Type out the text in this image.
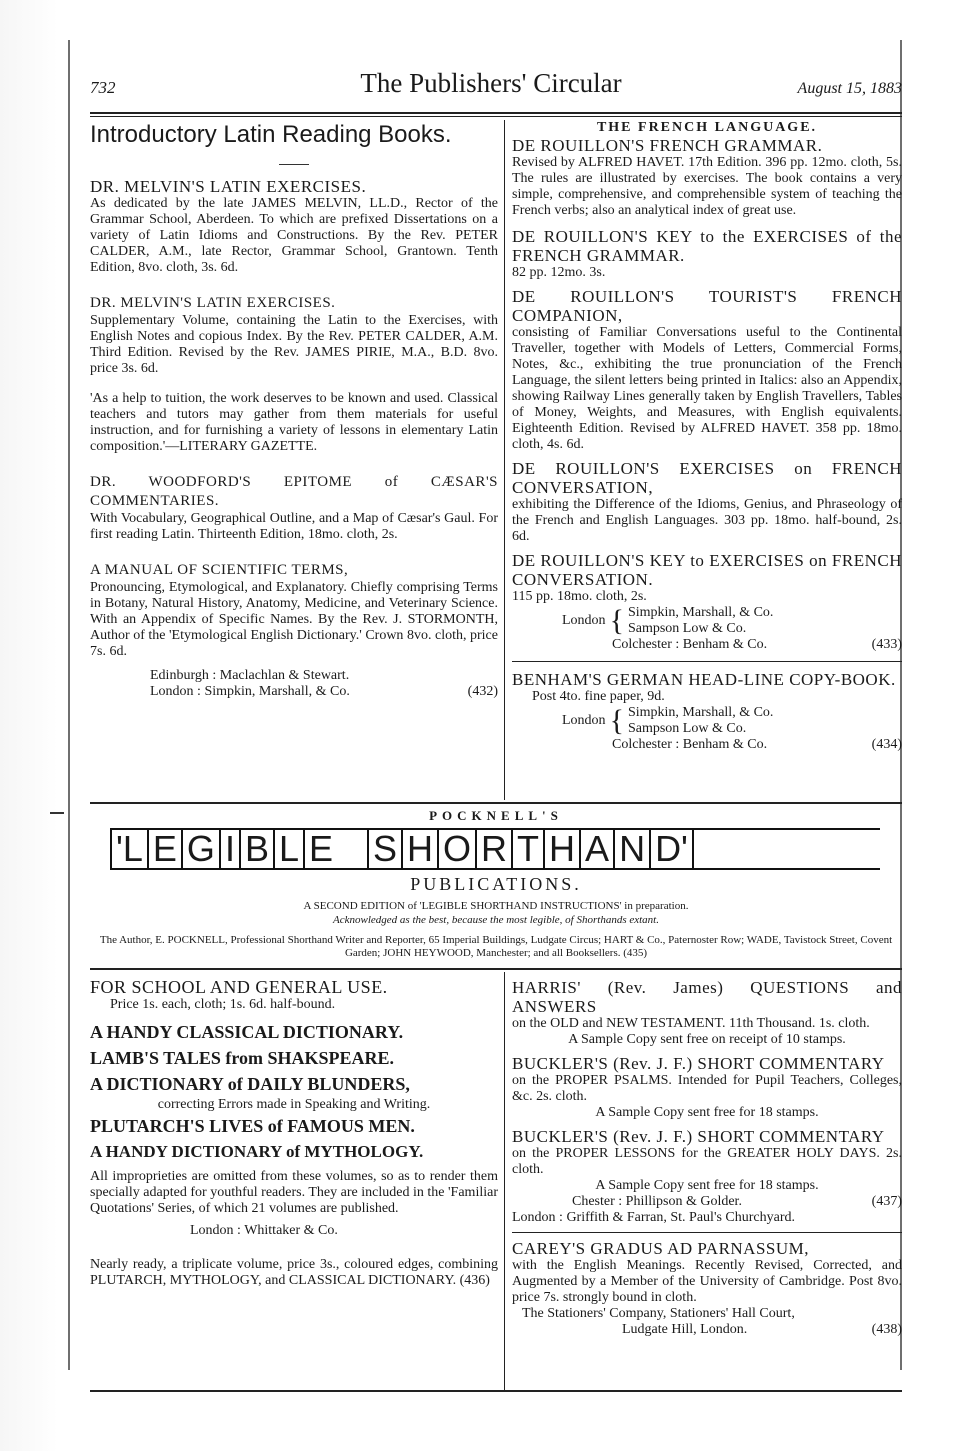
732	The Publishers' Circular	August 15, 1883
Introductory Latin Reading Books.
DR. MELVIN'S LATIN EXERCISES.
As dedicated by the late JAMES MELVIN, LL.D., Rector of the Grammar School, Aberdeen. To which are prefixed Dissertations on a variety of Latin Idioms and Constructions. By the Rev. PETER CALDER, A.M., late Rector, Grammar School, Grantown. Tenth Edition, 8vo. cloth, 3s. 6d.
DR. MELVIN'S LATIN EXERCISES.
Supplementary Volume, containing the Latin to the Exercises, with English Notes and copious Index. By the Rev. PETER CALDER, A.M. Third Edition. Revised by the Rev. JAMES PIRIE, M.A., B.D. 8vo. price 3s. 6d.
'As a help to tuition, the work deserves to be known and used. Classical teachers and tutors may gather from them materials for useful instruction, and for furnishing a variety of lessons in elementary Latin composition.'—LITERARY GAZETTE.
DR. WOODFORD'S EPITOME of CÆSAR'S COMMENTARIES.
With Vocabulary, Geographical Outline, and a Map of Cæsar's Gaul. For first reading Latin. Thirteenth Edition, 18mo. cloth, 2s.
A MANUAL OF SCIENTIFIC TERMS,
Pronouncing, Etymological, and Explanatory. Chiefly comprising Terms in Botany, Natural History, Anatomy, Medicine, and Veterinary Science. With an Appendix of Specific Names. By the Rev. J. STORMONTH, Author of the 'Etymological English Dictionary.' Crown 8vo. cloth, price 7s. 6d.
Edinburgh : Maclachlan & Stewart.
London : Simpkin, Marshall, & Co.	(432)
THE FRENCH LANGUAGE.
DE ROUILLON'S FRENCH GRAMMAR.
Revised by ALFRED HAVET. 17th Edition. 396 pp. 12mo. cloth, 5s. The rules are illustrated by exercises. The book contains a very simple, comprehensive, and comprehensible system of teaching the French verbs; also an analytical index of great use.
DE ROUILLON'S KEY to the EXERCISES of the FRENCH GRAMMAR.
82 pp. 12mo. 3s.
DE ROUILLON'S TOURIST'S FRENCH COMPANION,
consisting of Familiar Conversations useful to the Continental Traveller, together with Models of Letters, Commercial Forms, Notes, &c., exhibiting the true pronunciation of the French Language, the silent letters being printed in Italics: also an Appendix, showing Railway Lines generally taken by English Travellers, Tables of Money, Weights, and Measures, with English equivalents. Eighteenth Edition. Revised by ALFRED HAVET. 358 pp. 18mo. cloth, 4s. 6d.
DE ROUILLON'S EXERCISES on FRENCH CONVERSATION,
exhibiting the Difference of the Idioms, Genius, and Phraseology of the French and English Languages. 303 pp. 18mo. half-bound, 2s. 6d.
DE ROUILLON'S KEY to EXERCISES on FRENCH CONVERSATION.
115 pp. 18mo. cloth, 2s.
London { Simpkin, Marshall, & Co.
Sampson Low & Co.
Colchester : Benham & Co.	(433)
BENHAM'S GERMAN HEAD-LINE COPY-BOOK.
Post 4to. fine paper, 9d.
London { Simpkin, Marshall, & Co.
Sampson Low & Co.
Colchester : Benham & Co.	(434)
POCKNELL'S
'L E G I B L E S H O R T H A N D'
PUBLICATIONS.
A SECOND EDITION of 'LEGIBLE SHORTHAND INSTRUCTIONS' in preparation.
Acknowledged as the best, because the most legible, of Shorthands extant.
The Author, E. POCKNELL, Professional Shorthand Writer and Reporter, 65 Imperial Buildings, Ludgate Circus; HART & Co., Paternoster Row; WADE, Tavistock Street, Covent Garden; JOHN HEYWOOD, Manchester; and all Booksellers. (435)
FOR SCHOOL AND GENERAL USE.
Price 1s. each, cloth; 1s. 6d. half-bound.
A HANDY CLASSICAL DICTIONARY.
LAMB'S TALES from SHAKSPEARE.
A DICTIONARY of DAILY BLUNDERS,
correcting Errors made in Speaking and Writing.
PLUTARCH'S LIVES of FAMOUS MEN.
A HANDY DICTIONARY of MYTHOLOGY.
All improprieties are omitted from these volumes, so as to render them specially adapted for youthful readers. They are included in the 'Familiar Quotations' Series, of which 21 volumes are published.
London : Whittaker & Co.
Nearly ready, a triplicate volume, price 3s., coloured edges, combining PLUTARCH, MYTHOLOGY, and CLASSICAL DICTIONARY. (436)
HARRIS' (Rev. James) QUESTIONS and ANSWERS
on the OLD and NEW TESTAMENT. 11th Thousand. 1s. cloth.
A Sample Copy sent free on receipt of 10 stamps.
BUCKLER'S (Rev. J. F.) SHORT COMMENTARY
on the PROPER PSALMS. Intended for Pupil Teachers, Colleges, &c. 2s. cloth.
A Sample Copy sent free for 18 stamps.
BUCKLER'S (Rev. J. F.) SHORT COMMENTARY
on the PROPER LESSONS for the GREATER HOLY DAYS. 2s. cloth.
A Sample Copy sent free for 18 stamps.
Chester : Phillipson & Golder.	(437)
London : Griffith & Farran, St. Paul's Churchyard.
CAREY'S GRADUS AD PARNASSUM,
with the English Meanings. Recently Revised, Corrected, and Augmented by a Member of the University of Cambridge. Post 8vo. price 7s. strongly bound in cloth.
The Stationers' Company, Stationers' Hall Court,
Ludgate Hill, London.	(438)
